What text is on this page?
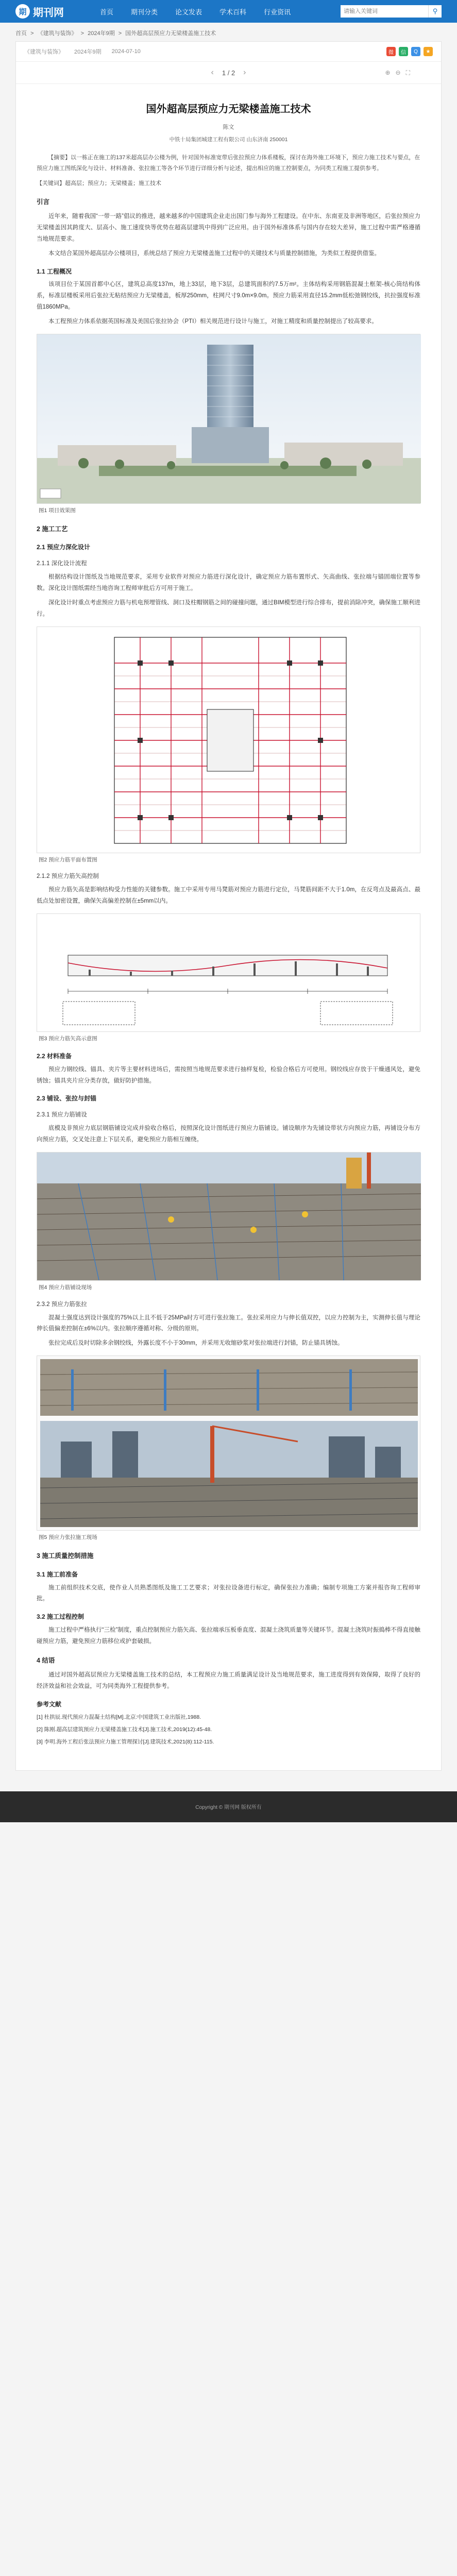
期 期刊网	首页	期刊分类	论文发表	学术百科	行业资讯
请输入关键词	⚲
首页 > 《建筑与装饰》 > 2024年9期 > 国外超高层预应力无梁楼盖施工技术
《建筑与装饰》 2024年9期 2024-07-10	微	信	Q	★
‹ 1 / 2 ›	⊕ ⊖ ⛶
国外超高层预应力无梁楼盖施工技术
陈文
中铁十局集团城建工程有限公司 山东济南 250001

【摘要】以一栋正在施工的137米超高层办公楼为例，针对国外标准宽带后张拉预应力体系楼板，探讨在海外施工环境下，预应力施工技术与要点，在预应力施工图纸深化与设计、材料准备、张拉施工等各个环节进行详细分析与论述，提出相应的施工控制要点，为同类工程施工提供参考。

【关键词】超高层；预应力；无梁楼盖；施工技术

引言

近年来，随着我国“一带一路”倡议的推进，越来越多的中国建筑企业走出国门参与海外工程建设。在中东、东南亚及非洲等地区，后张拉预应力无梁楼盖因其跨度大、层高小、施工速度快等优势在超高层建筑中得到广泛应用。由于国外标准体系与国内存在较大差异，施工过程中需严格遵循当地规范要求。

本文结合某国外超高层办公楼项目，系统总结了预应力无梁楼盖施工过程中的关键技术与质量控制措施，为类似工程提供借鉴。

1.1 工程概况

该项目位于某国首都中心区，建筑总高度137m，地上33层，地下3层，总建筑面积约7.5万m²。主体结构采用钢筋混凝土框架-核心筒结构体系，标准层楼板采用后张拉无粘结预应力无梁楼盖，板厚250mm，柱网尺寸9.0m×9.0m。预应力筋采用直径15.2mm低松弛钢绞线，抗拉强度标准值1860MPa。

本工程预应力体系依据英国标准及美国后张拉协会（PTI）相关规范进行设计与施工，对施工精度和质量控制提出了较高要求。

图1 项目效果图
2 施工工艺
2.1 预应力深化设计
2.1.1 深化设计流程

根据结构设计图纸及当地规范要求，采用专业软件对预应力筋进行深化设计，确定预应力筋布置形式、矢高曲线、张拉端与锚固端位置等参数。深化设计图纸需经当地咨询工程师审批后方可用于施工。

深化设计时重点考虑预应力筋与机电预埋管线、洞口及柱帽钢筋之间的碰撞问题，通过BIM模型进行综合排布，提前消除冲突，确保施工顺利进行。

图2 预应力筋平面布置图
2.1.2 预应力筋矢高控制

预应力筋矢高是影响结构受力性能的关键参数。施工中采用专用马凳筋对预应力筋进行定位，马凳筋间距不大于1.0m，在反弯点及最高点、最低点处加密设置，确保矢高偏差控制在±5mm以内。

图3 预应力筋矢高示意图
2.2 材料准备

预应力钢绞线、锚具、夹片等主要材料进场后，需按照当地规范要求进行抽样复检，检验合格后方可使用。钢绞线应存放于干燥通风处，避免锈蚀；锚具夹片应分类存放，做好防护措施。

2.3 铺设、张拉与封锚
2.3.1 预应力筋铺设

底模及非预应力底层钢筋铺设完成并验收合格后，按照深化设计图纸进行预应力筋铺设。铺设顺序为先铺设带状方向预应力筋，再铺设分布方向预应力筋，交叉处注意上下层关系，避免预应力筋相互缠绕。

图4 预应力筋铺设现场
2.3.2 预应力筋张拉

混凝土强度达到设计强度的75%以上且不低于25MPa时方可进行张拉施工。张拉采用应力与伸长值双控，以应力控制为主，实测伸长值与理论伸长值偏差控制在±6%以内。张拉顺序遵循对称、分级的原则。

张拉完成后及时切除多余钢绞线，外露长度不小于30mm，并采用无收缩砂浆对张拉端进行封锚，防止锚具锈蚀。

图5 预应力张拉施工现场
3 施工质量控制措施
3.1 施工前准备

施工前组织技术交底，使作业人员熟悉图纸及施工工艺要求；对张拉设备进行标定，确保张拉力准确；编制专项施工方案并报咨询工程师审批。

3.2 施工过程控制

施工过程中严格执行“三检”制度，重点控制预应力筋矢高、张拉端承压板垂直度、混凝土浇筑质量等关键环节。混凝土浇筑时振捣棒不得直接触碰预应力筋，避免预应力筋移位或护套破损。

4 结语

通过对国外超高层预应力无梁楼盖施工技术的总结，本工程预应力施工质量满足设计及当地规范要求，施工进度得到有效保障，取得了良好的经济效益和社会效益，可为同类海外工程提供参考。

参考文献

[1] 杜拱辰.现代预应力混凝土结构[M].北京:中国建筑工业出版社,1988.

[2] 陈刚.超高层建筑预应力无梁楼盖施工技术[J].施工技术,2019(12):45-48.

[3] 李明.海外工程后张法预应力施工管理探讨[J].建筑技术,2021(8):112-115.

Copyright © 期刊网 版权所有
